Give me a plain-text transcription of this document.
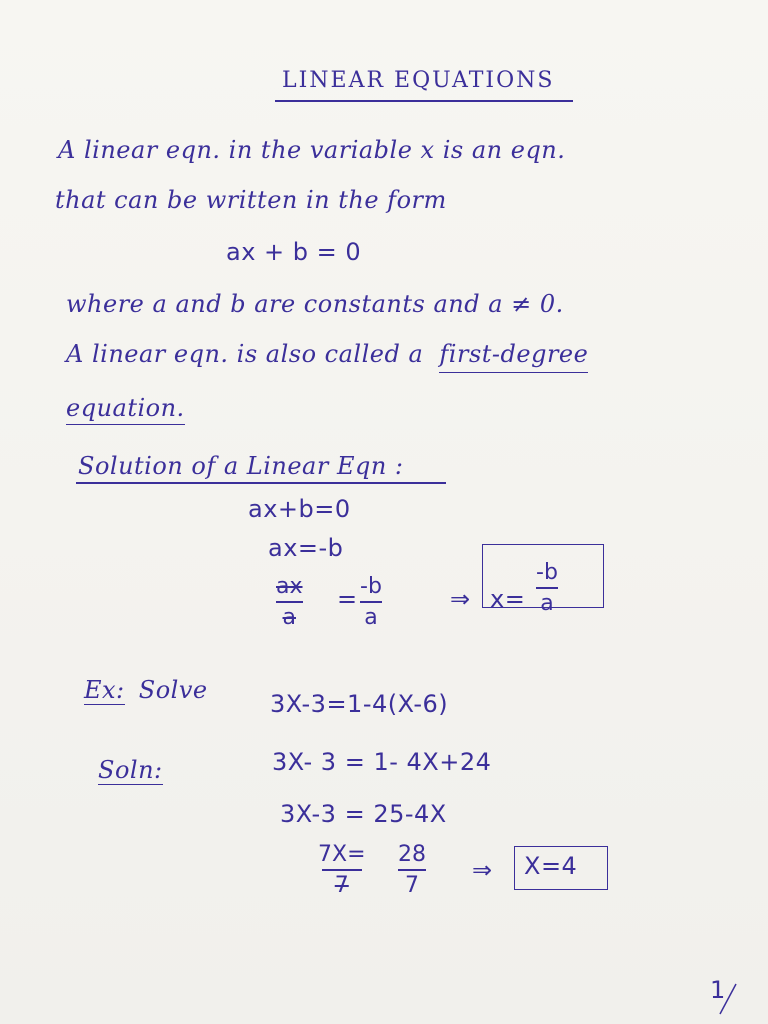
LINEAR EQUATIONS
A linear eqn. in the variable x is an eqn.
that can be written in the form
ax + b = 0
where a and b are constants and a ≠ 0.
A linear eqn. is also called a first-degree
equation.
Solution of a Linear Eqn :
ax+b=0
ax=-b
ax
a
= -b
a
⇒ x=
-b
a
Ex: Solve	3X-3=1-4(X-6)
Soln:	3X- 3 = 1- 4X+24
3X-3 = 25-4X
7X=
7
28
7
⇒ X=4
1
